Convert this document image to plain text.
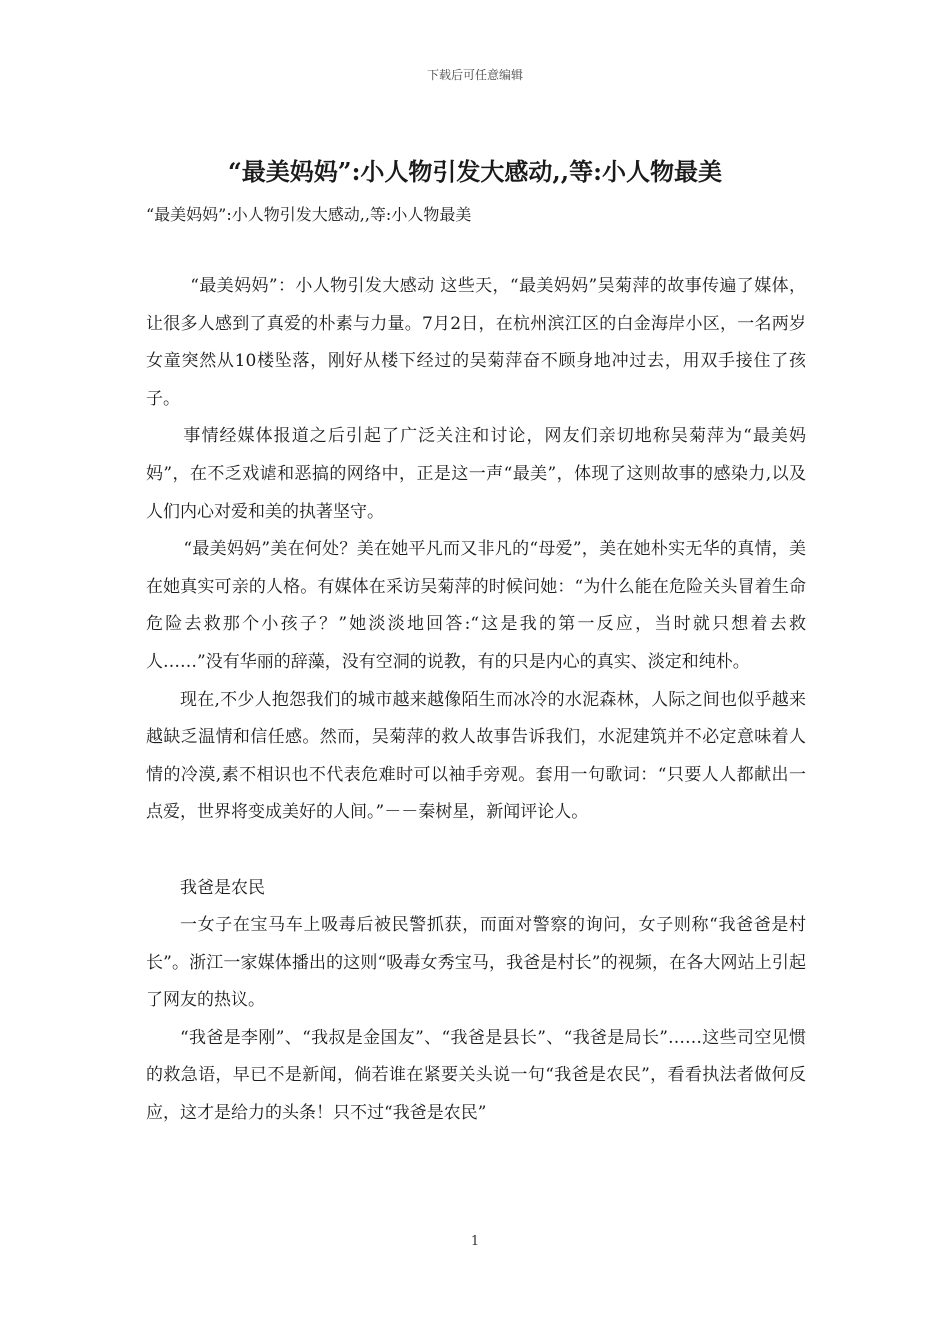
下载后可任意编辑
“最美妈妈”:小人物引发大感动,,等:小人物最美

“最美妈妈”:小人物引发大感动,,等:小人物最美

“最美妈妈”：小人物引发大感动 这些天，“最美妈妈”吴菊萍的故事传遍了媒体，让很多人感到了真爱的朴素与力量。7月2日，在杭州滨江区的白金海岸小区，一名两岁女童突然从10楼坠落，刚好从楼下经过的吴菊萍奋不顾身地冲过去，用双手接住了孩子。

事情经媒体报道之后引起了广泛关注和讨论，网友们亲切地称吴菊萍为“最美妈妈”，在不乏戏谑和恶搞的网络中，正是这一声“最美”，体现了这则故事的感染力,以及人们内心对爱和美的执著坚守。

“最美妈妈”美在何处？美在她平凡而又非凡的“母爱”，美在她朴实无华的真情，美在她真实可亲的人格。有媒体在采访吴菊萍的时候问她：“为什么能在危险关头冒着生命危险去救那个小孩子？”她淡淡地回答:“这是我的第一反应，当时就只想着去救人……”没有华丽的辞藻，没有空洞的说教，有的只是内心的真实、淡定和纯朴。

现在,不少人抱怨我们的城市越来越像陌生而冰冷的水泥森林，人际之间也似乎越来越缺乏温情和信任感。然而，吴菊萍的救人故事告诉我们，水泥建筑并不必定意味着人情的冷漠,素不相识也不代表危难时可以袖手旁观。套用一句歌词：“只要人人都献出一点爱，世界将变成美好的人间。”－－秦树星，新闻评论人。

我爸是农民

一女子在宝马车上吸毒后被民警抓获，而面对警察的询问，女子则称“我爸爸是村长”。浙江一家媒体播出的这则“吸毒女秀宝马，我爸是村长”的视频，在各大网站上引起了网友的热议。

“我爸是李刚”、“我叔是金国友”、“我爸是县长”、“我爸是局长”……这些司空见惯的救急语，早已不是新闻，倘若谁在紧要关头说一句“我爸是农民”，看看执法者做何反应，这才是给力的头条！只不过“我爸是农民”

1
